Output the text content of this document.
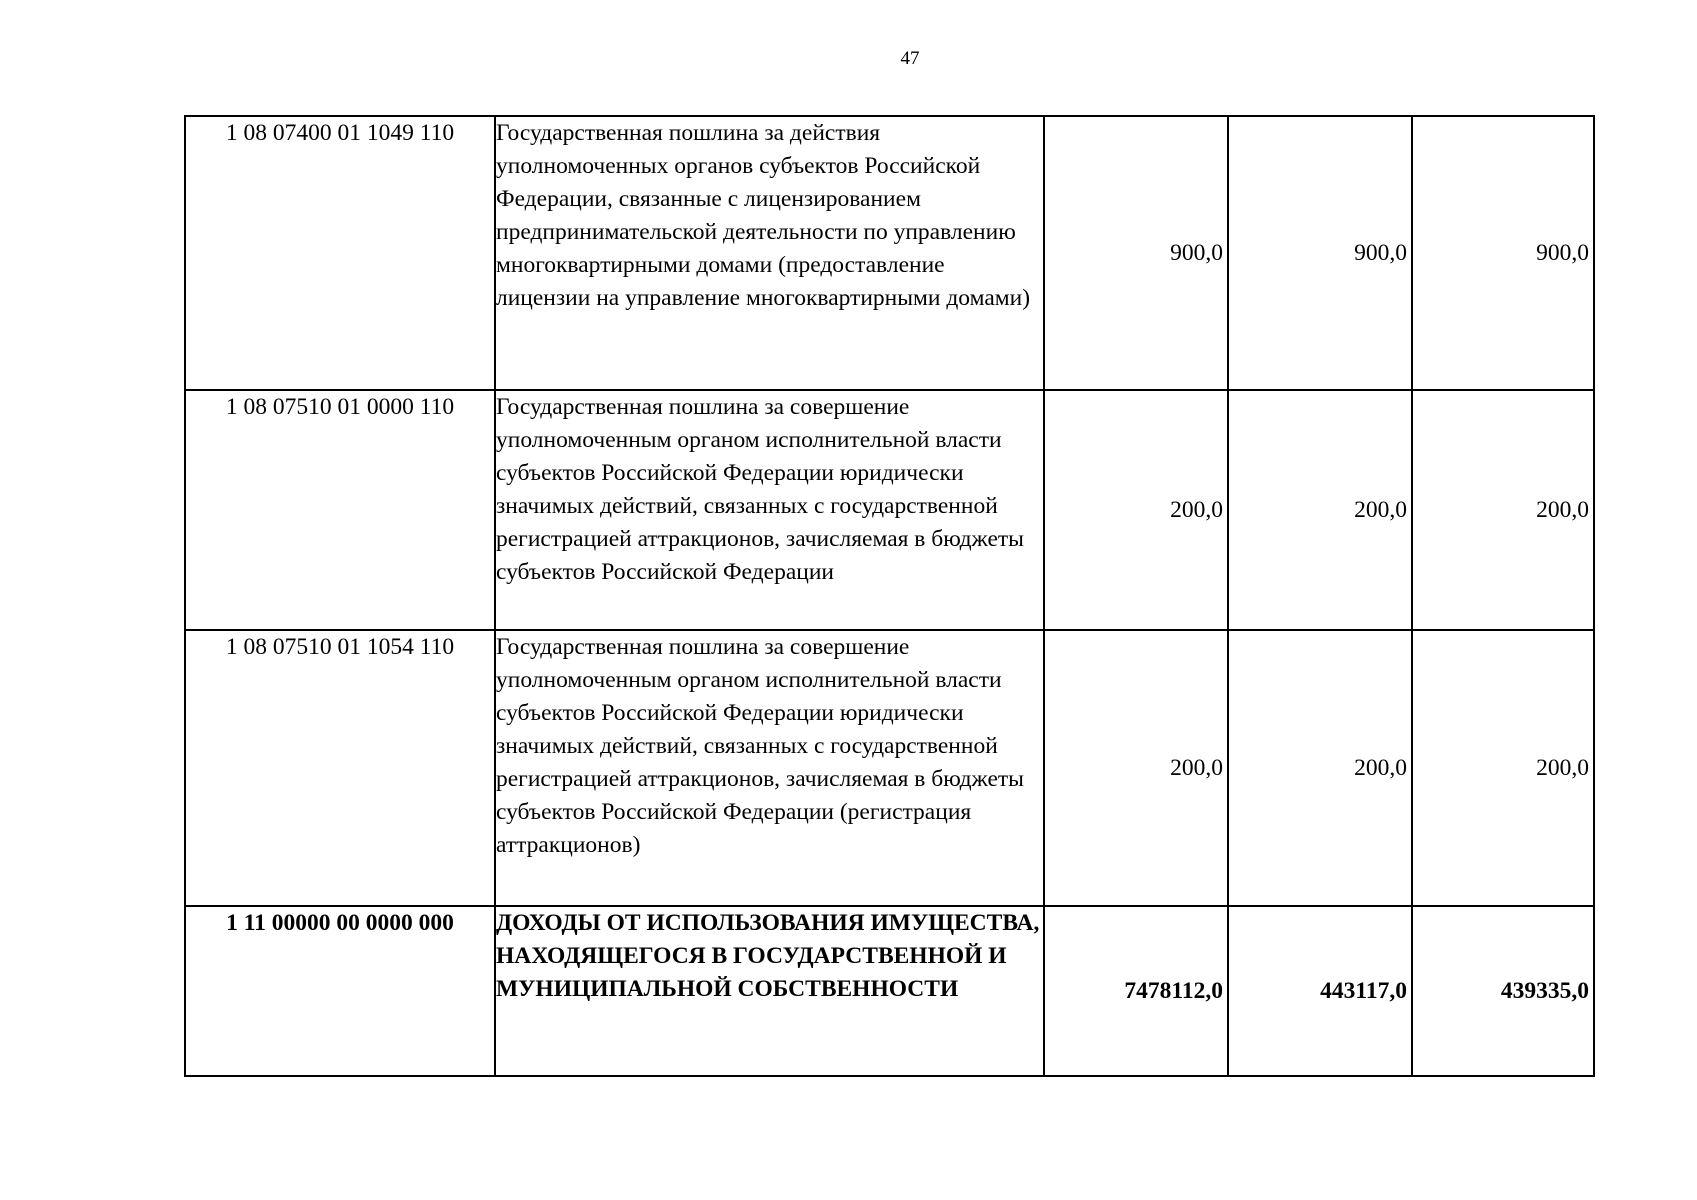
47
1 08 07400 01 1049 110	Государственная пошлина за действия уполномоченных органов субъектов Российской Федерации, связанные с лицензированием предпринимательской деятельности по управлению многоквартирными домами (предоставление лицензии на управление многоквартирными домами)	900,0	900,0	900,0
1 08 07510 01 0000 110	Государственная пошлина за совершение уполномоченным органом исполнительной власти субъектов Российской Федерации юридически значимых действий, связанных с государственной регистрацией аттракционов, зачисляемая в бюджеты субъектов Российской Федерации	200,0	200,0	200,0
1 08 07510 01 1054 110	Государственная пошлина за совершение уполномоченным органом исполнительной власти субъектов Российской Федерации юридически значимых действий, связанных с государственной регистрацией аттракционов, зачисляемая в бюджеты субъектов Российской Федерации (регистрация аттракционов)	200,0	200,0	200,0
1 11 00000 00 0000 000	ДОХОДЫ ОТ ИСПОЛЬЗОВАНИЯ ИМУЩЕСТВА, НАХОДЯЩЕГОСЯ В ГОСУДАРСТВЕННОЙ И МУНИЦИПАЛЬНОЙ СОБСТВЕННОСТИ	7478112,0	443117,0	439335,0
